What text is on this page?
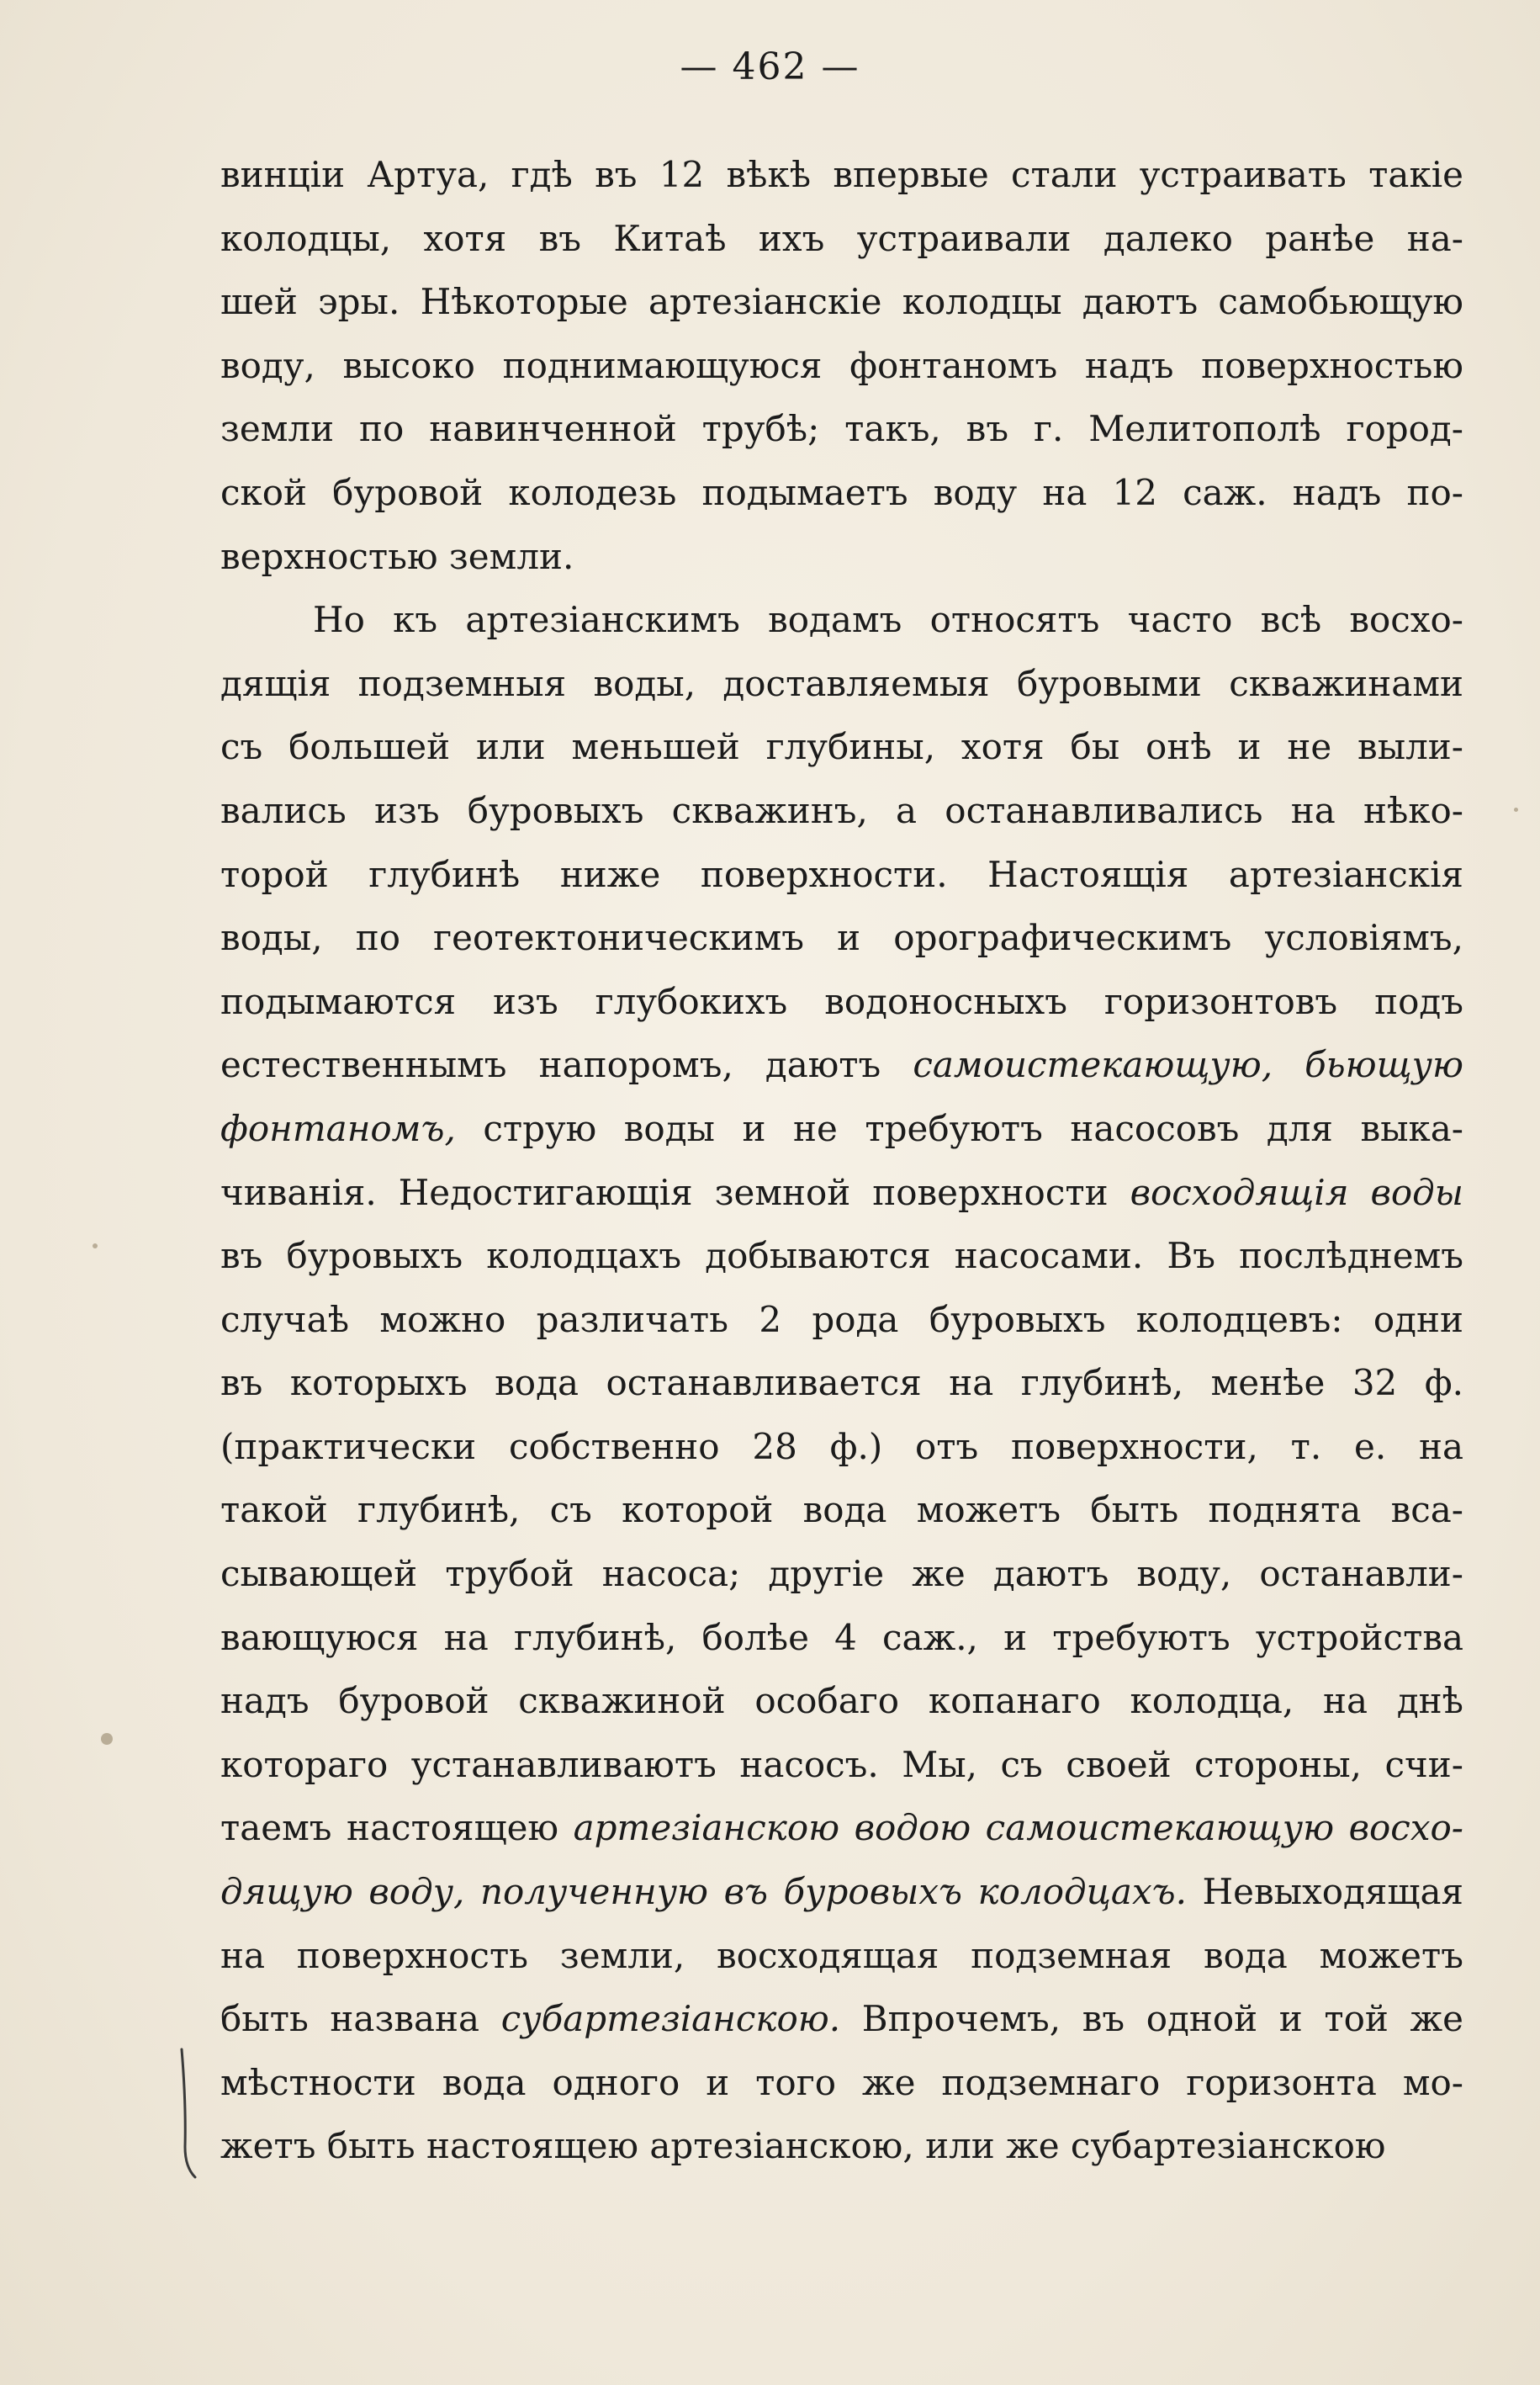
— 462 —
винціи Артуа, гдѣ въ 12 вѣкѣ впервые стали устраивать такіе
колодцы, хотя въ Китаѣ ихъ устраивали далеко ранѣе на-
шей эры. Нѣкоторые артезіанскіе колодцы даютъ самобьющую
воду, высоко поднимающуюся фонтаномъ надъ поверхностью
земли по навинченной трубѣ; такъ, въ г. Мелитополѣ город-
ской буровой колодезь подымаетъ воду на 12 саж. надъ по-
верхностью земли.
Но къ артезіанскимъ водамъ относятъ часто всѣ восхо-
дящія подземныя воды, доставляемыя буровыми скважинами
съ большей или меньшей глубины, хотя бы онѣ и не выли-
вались изъ буровыхъ скважинъ, а останавливались на нѣко-
торой глубинѣ ниже поверхности. Настоящія артезіанскія
воды, по геотектоническимъ и орографическимъ условіямъ,
подымаются изъ глубокихъ водоносныхъ горизонтовъ подъ
естественнымъ напоромъ, даютъ самоистекающую, бьющую
фонтаномъ, струю воды и не требуютъ насосовъ для выка-
чиванія. Недостигающія земной поверхности восходящія воды
въ буровыхъ колодцахъ добываются насосами. Въ послѣднемъ
случаѣ можно различать 2 рода буровыхъ колодцевъ: одни
въ которыхъ вода останавливается на глубинѣ, менѣе 32 ф.
(практически собственно 28 ф.) отъ поверхности, т. е. на
такой глубинѣ, съ которой вода можетъ быть поднята вса-
сывающей трубой насоса; другіе же даютъ воду, останавли-
вающуюся на глубинѣ, болѣе 4 саж., и требуютъ устройства
надъ буровой скважиной особаго копанаго колодца, на днѣ
котораго устанавливаютъ насосъ. Мы, съ своей стороны, счи-
таемъ настоящею артезіанскою водою самоистекающую восхо-
дящую воду, полученную въ буровыхъ колодцахъ. Невыходящая
на поверхность земли, восходящая подземная вода можетъ
быть названа субартезіанскою. Впрочемъ, въ одной и той же
мѣстности вода одного и того же подземнаго горизонта мо-
жетъ быть настоящею артезіанскою, или же субартезіанскою
